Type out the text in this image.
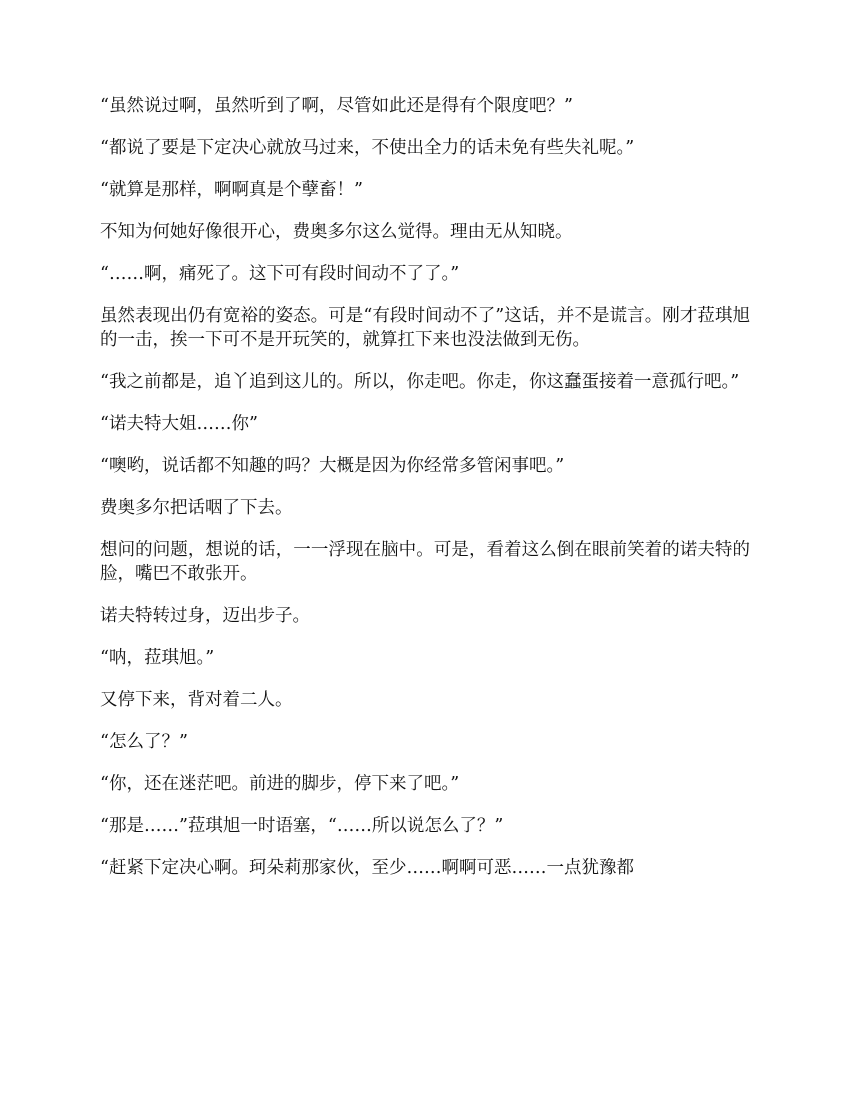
“虽然说过啊，虽然听到了啊，尽管如此还是得有个限度吧？”

“都说了要是下定决心就放马过来，不使出全力的话未免有些失礼呢。”

“就算是那样，啊啊真是个孽畜！”

不知为何她好像很开心，费奥多尔这么觉得。理由无从知晓。

“……啊，痛死了。这下可有段时间动不了了。”

虽然表现出仍有宽裕的姿态。可是“有段时间动不了”这话，并不是谎言。刚才菈琪旭的一击，挨一下可不是开玩笑的，就算扛下来也没法做到无伤。

“我之前都是，追丫追到这儿的。所以，你走吧。你走，你这蠢蛋接着一意孤行吧。”

“诺夫特大姐……你”

“噢哟，说话都不知趣的吗？大概是因为你经常多管闲事吧。”

费奥多尔把话咽了下去。

想问的问题，想说的话，一一浮现在脑中。可是，看着这么倒在眼前笑着的诺夫特的脸，嘴巴不敢张开。

诺夫特转过身，迈出步子。

“呐，菈琪旭。”

又停下来，背对着二人。

“怎么了？”

“你，还在迷茫吧。前进的脚步，停下来了吧。”

“那是……”菈琪旭一时语塞，“……所以说怎么了？”

“赶紧下定决心啊。珂朵莉那家伙，至少……啊啊可恶……一点犹豫都
